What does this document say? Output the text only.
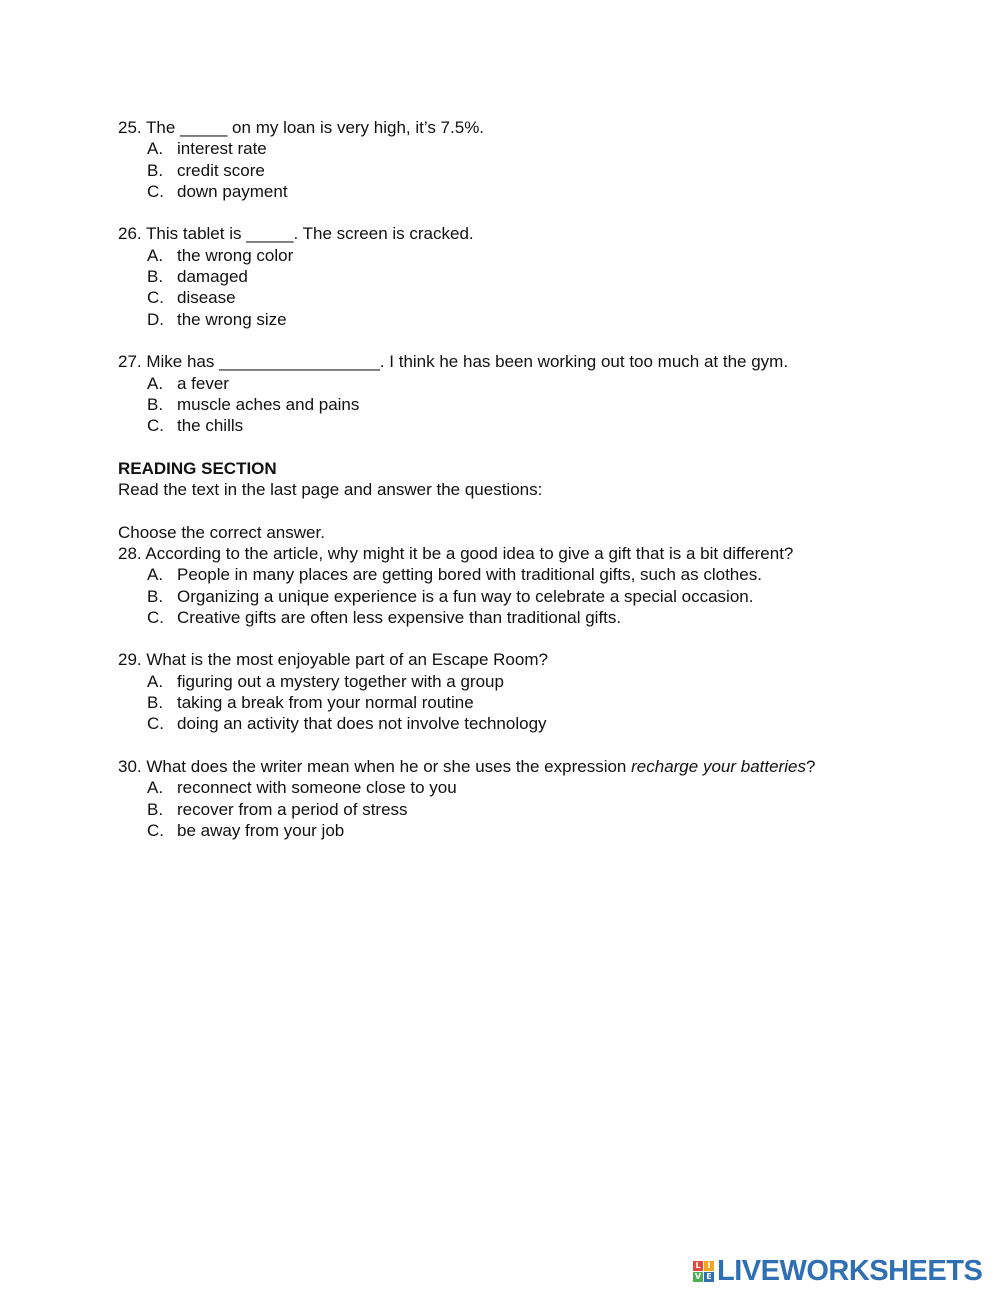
25. The _____ on my loan is very high, it’s 7.5%.
A. interest rate
B. credit score
C. down payment
26. This tablet is _____. The screen is cracked.
A. the wrong color
B. damaged
C. disease
D. the wrong size
27. Mike has _________________. I think he has been working out too much at the gym.
A. a fever
B. muscle aches and pains
C. the chills
READING SECTION
Read the text in the last page and answer the questions:
Choose the correct answer.
28. According to the article, why might it be a good idea to give a gift that is a bit different?
A. People in many places are getting bored with traditional gifts, such as clothes.
B. Organizing a unique experience is a fun way to celebrate a special occasion.
C. Creative gifts are often less expensive than traditional gifts.
29. What is the most enjoyable part of an Escape Room?
A. figuring out a mystery together with a group
B. taking a break from your normal routine
C. doing an activity that does not involve technology
30. What does the writer mean when he or she uses the expression recharge your batteries?
A. reconnect with someone close to you
B. recover from a period of stress
C. be away from your job
L I
V E LIVEWORKSHEETS
